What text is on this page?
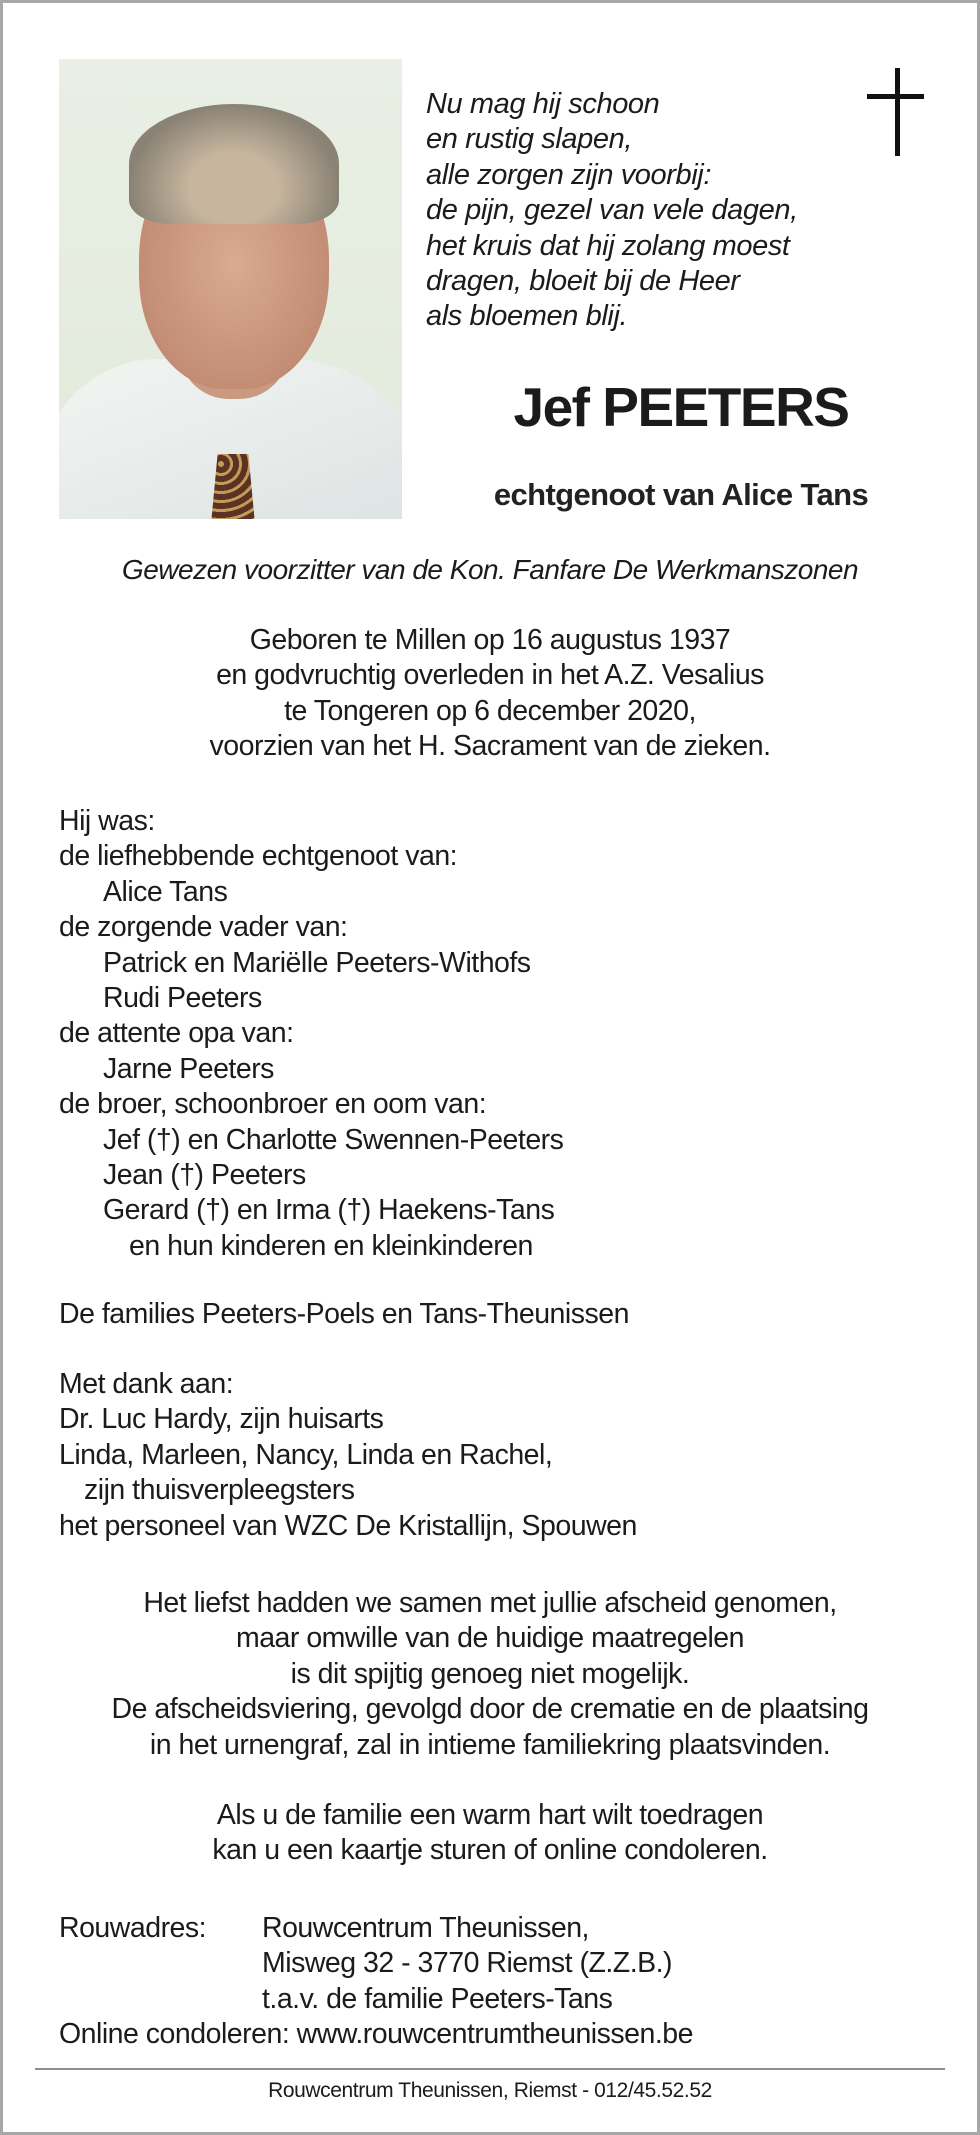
Nu mag hij schoon
en rustig slapen,
alle zorgen zijn voorbij:
de pijn, gezel van vele dagen,
het kruis dat hij zolang moest
dragen, bloeit bij de Heer
als bloemen blij.
Jef PEETERS
echtgenoot van Alice Tans
Gewezen voorzitter van de Kon. Fanfare De Werkmanszonen
Geboren te Millen op 16 augustus 1937
en godvruchtig overleden in het A.Z. Vesalius
te Tongeren op 6 december 2020,
voorzien van het H. Sacrament van de zieken.
Hij was:
de liefhebbende echtgenoot van:
Alice Tans
de zorgende vader van:
Patrick en Mariëlle Peeters-Withofs
Rudi Peeters
de attente opa van:
Jarne Peeters
de broer, schoonbroer en oom van:
Jef (†) en Charlotte Swennen-Peeters
Jean (†) Peeters
Gerard (†) en Irma (†) Haekens-Tans
en hun kinderen en kleinkinderen
De families Peeters-Poels en Tans-Theunissen
Met dank aan:
Dr. Luc Hardy, zijn huisarts
Linda, Marleen, Nancy, Linda en Rachel,
zijn thuisverpleegsters
het personeel van WZC De Kristallijn, Spouwen
Het liefst hadden we samen met jullie afscheid genomen,
maar omwille van de huidige maatregelen
is dit spijtig genoeg niet mogelijk.
De afscheidsviering, gevolgd door de crematie en de plaatsing
in het urnengraf, zal in intieme familiekring plaatsvinden.
Als u de familie een warm hart wilt toedragen
kan u een kaartje sturen of online condoleren.
Rouwadres:	Rouwcentrum Theunissen,
Misweg 32 - 3770 Riemst (Z.Z.B.)
t.a.v. de familie Peeters-Tans
Online condoleren: www.rouwcentrumtheunissen.be
Rouwcentrum Theunissen, Riemst - 012/45.52.52
